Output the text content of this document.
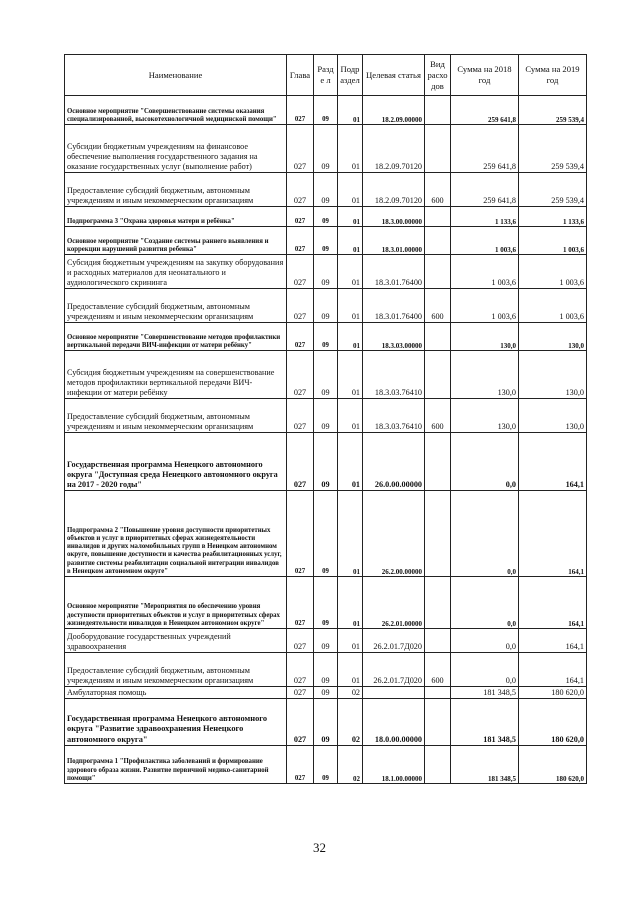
Наименование	Глава	Разде л	Подр аздел	Целевая статья	Вид расхо дов	Сумма на 2018 год	Сумма на 2019 год
Основное мероприятие "Совершенствование системы оказания специализированной, высокотехнологичной медицинской помощи"	027	09	01	18.2.09.00000		259 641,8	259 539,4
Субсидии бюджетным учреждениям на финансовое обеспечение выполнения государственного задания на оказание государственных услуг (выполнение работ)	027	09	01	18.2.09.70120		259 641,8	259 539,4
Предоставление субсидий бюджетным, автономным учреждениям и иным некоммерческим организациям	027	09	01	18.2.09.70120	600	259 641,8	259 539,4
Подпрограмма 3 "Охрана здоровья матери и ребёнка"	027	09	01	18.3.00.00000		1 133,6	1 133,6
Основное мероприятие "Создание системы раннего выявления и коррекции нарушений развития ребенка"	027	09	01	18.3.01.00000		1 003,6	1 003,6
Субсидия бюджетным учреждениям на закупку оборудования и расходных материалов для неонатального и аудиологического скрининга	027	09	01	18.3.01.76400		1 003,6	1 003,6
Предоставление субсидий бюджетным, автономным учреждениям и иным некоммерческим организациям	027	09	01	18.3.01.76400	600	1 003,6	1 003,6
Основное мероприятие "Совершенствование методов профилактики вертикальной передачи ВИЧ-инфекции от матери ребёнку"	027	09	01	18.3.03.00000		130,0	130,0
Субсидия бюджетным учреждениям на совершенствование методов профилактики вертикальной передачи ВИЧ-инфекции от матери ребёнку	027	09	01	18.3.03.76410		130,0	130,0
Предоставление субсидий бюджетным, автономным учреждениям и иным некоммерческим организациям	027	09	01	18.3.03.76410	600	130,0	130,0
Государственная программа Ненецкого автономного округа "Доступная среда Ненецкого автономного округа на 2017 - 2020 годы"	027	09	01	26.0.00.00000		0,0	164,1
Подпрограмма 2 "Повышение уровня доступности приоритетных объектов и услуг в приоритетных сферах жизнедеятельности инвалидов и других маломобильных групп в Ненецком автономном округе, повышение доступности и качества реабилитационных услуг, развитие системы реабилитации социальной интеграции инвалидов в Ненецком автономном округе"	027	09	01	26.2.00.00000		0,0	164,1
Основное мероприятие "Мероприятия по обеспечению уровня доступности приоритетных объектов и услуг в приоритетных сферах жизнедеятельности инвалидов в Ненецком автономном округе"	027	09	01	26.2.01.00000		0,0	164,1
Дооборудование государственных учреждений здравоохранения	027	09	01	26.2.01.7Д020		0,0	164,1
Предоставление субсидий бюджетным, автономным учреждениям и иным некоммерческим организациям	027	09	01	26.2.01.7Д020	600	0,0	164,1
Амбулаторная помощь	027	09	02			181 348,5	180 620,0
Государственная программа Ненецкого автономного округа "Развитие здравоохранения Ненецкого автономного округа"	027	09	02	18.0.00.00000		181 348,5	180 620,0
Подпрограмма 1 "Профилактика заболеваний и формирование здорового образа жизни. Развитие первичной медико-санитарной помощи"	027	09	02	18.1.00.00000		181 348,5	180 620,0
32
